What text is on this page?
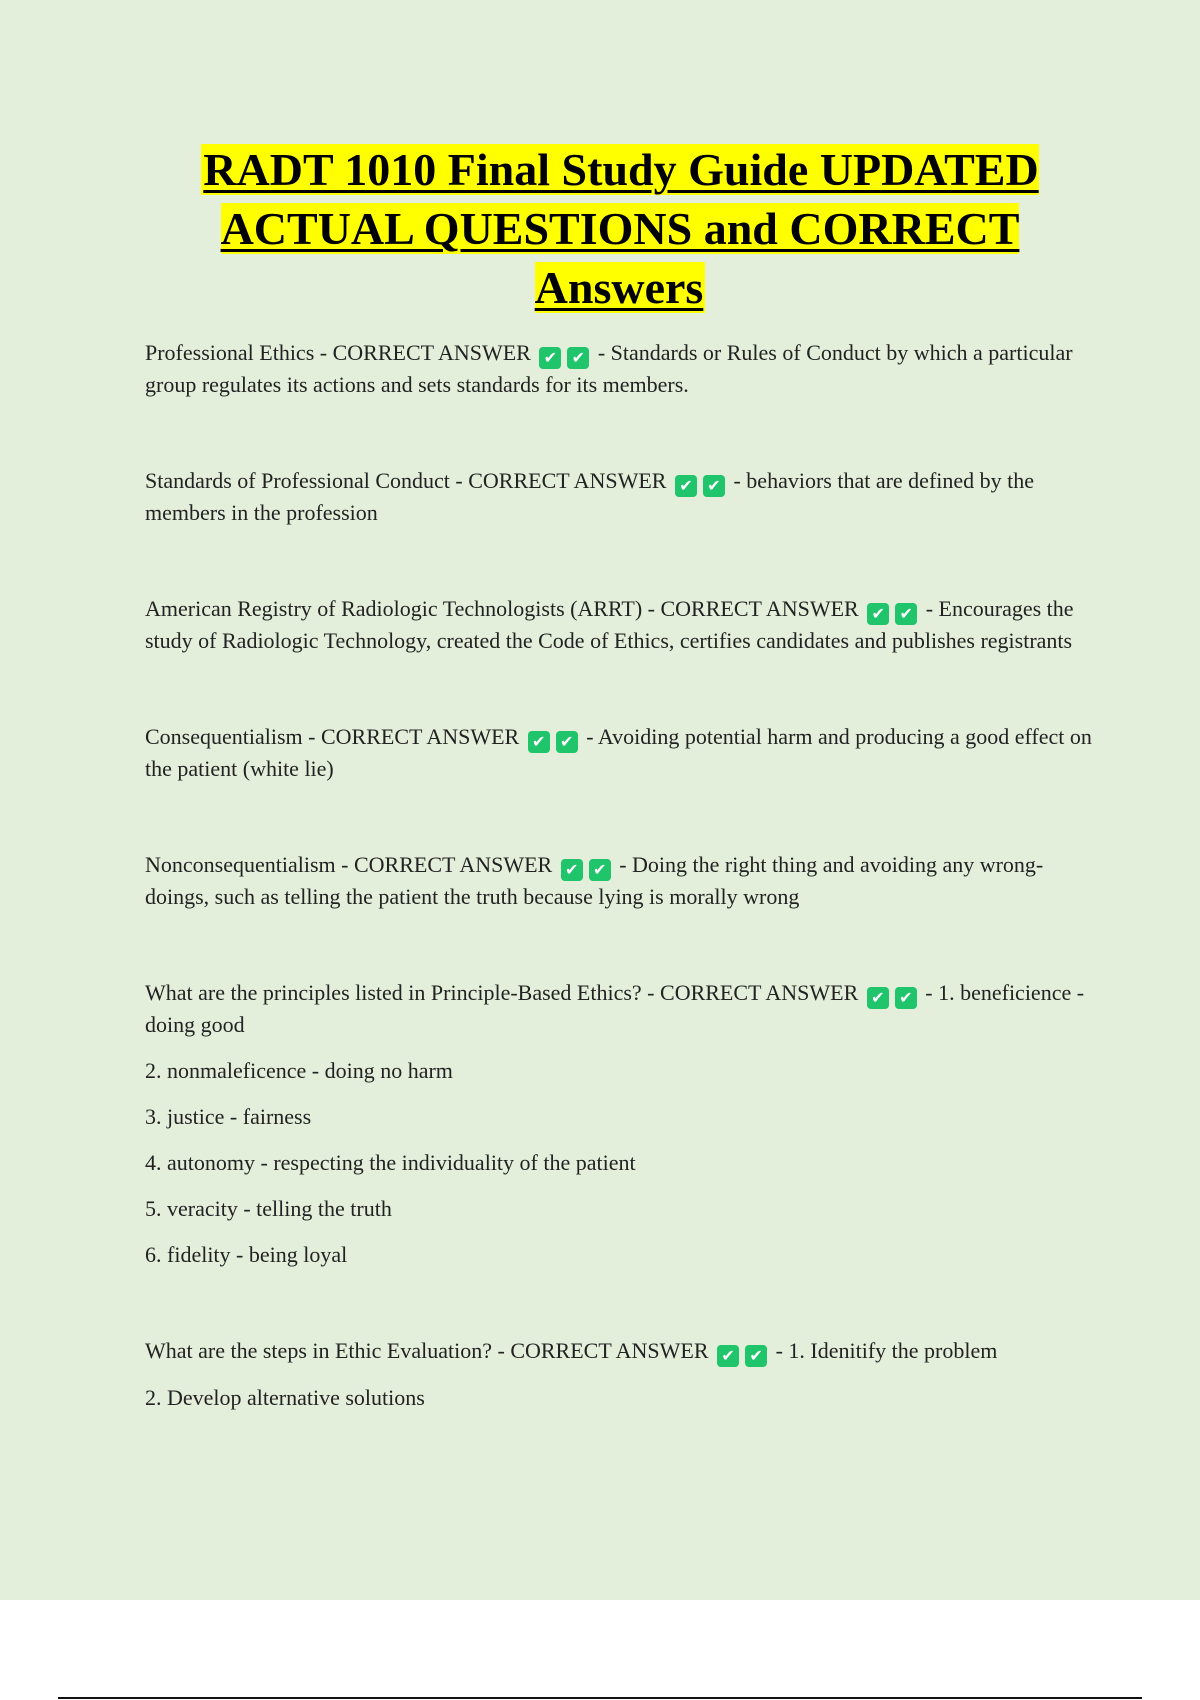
RADT 1010 Final Study Guide UPDATED ACTUAL QUESTIONS and CORRECT Answers

Professional Ethics - CORRECT ANSWER ✔ ✔ - Standards or Rules of Conduct by which a particular group regulates its actions and sets standards for its members.

Standards of Professional Conduct - CORRECT ANSWER ✔ ✔ - behaviors that are defined by the members in the profession

American Registry of Radiologic Technologists (ARRT) - CORRECT ANSWER ✔ ✔ - Encourages the study of Radiologic Technology, created the Code of Ethics, certifies candidates and publishes registrants

Consequentialism - CORRECT ANSWER ✔ ✔ - Avoiding potential harm and producing a good effect on the patient (white lie)

Nonconsequentialism - CORRECT ANSWER ✔ ✔ - Doing the right thing and avoiding any wrong-doings, such as telling the patient the truth because lying is morally wrong

What are the principles listed in Principle-Based Ethics? - CORRECT ANSWER ✔ ✔ - 1. beneficience - doing good

2. nonmaleficence - doing no harm

3. justice - fairness

4. autonomy - respecting the individuality of the patient

5. veracity - telling the truth

6. fidelity - being loyal

What are the steps in Ethic Evaluation? - CORRECT ANSWER ✔ ✔ - 1. Idenitify the problem

2. Develop alternative solutions
